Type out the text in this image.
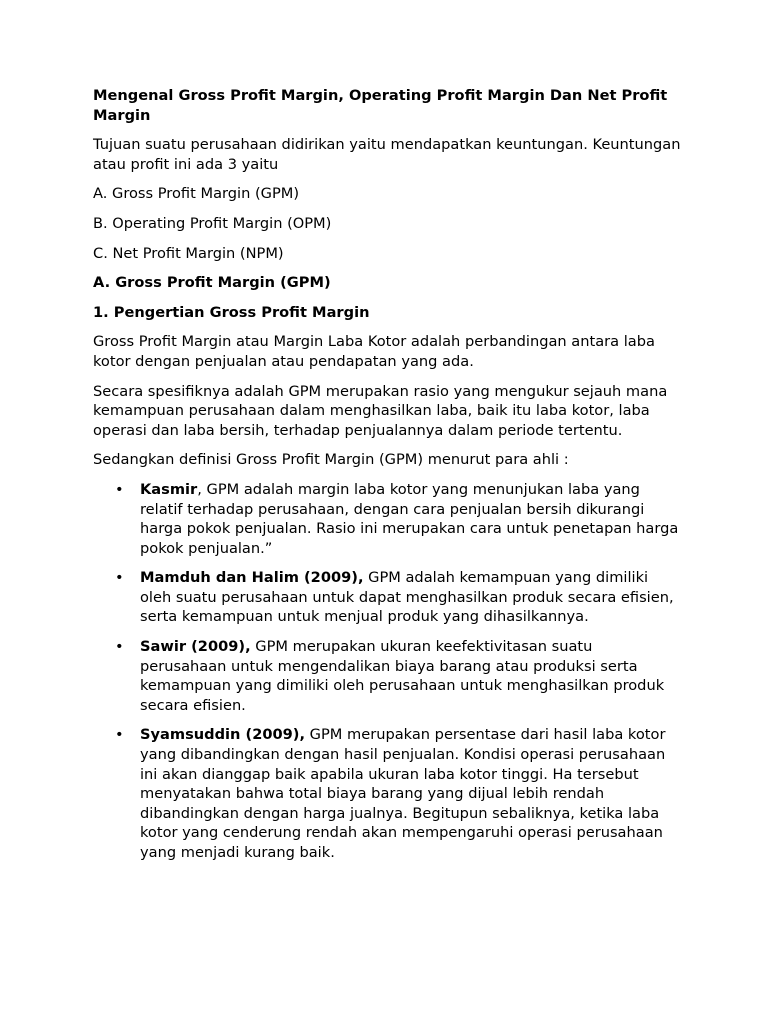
Mengenal Gross Profit Margin, Operating Profit Margin Dan Net Profit Margin

Tujuan suatu perusahaan didirikan yaitu mendapatkan keuntungan. Keuntungan atau profit ini ada 3 yaitu

A. Gross Profit Margin (GPM)

B. Operating Profit Margin (OPM)

C. Net Profit Margin (NPM)

A. Gross Profit Margin (GPM)

1. Pengertian Gross Profit Margin

Gross Profit Margin atau Margin Laba Kotor adalah perbandingan antara laba kotor dengan penjualan atau pendapatan yang ada.

Secara spesifiknya adalah GPM merupakan rasio yang mengukur sejauh mana kemampuan perusahaan dalam menghasilkan laba, baik itu laba kotor, laba operasi dan laba bersih, terhadap penjualannya dalam periode tertentu.

Sedangkan definisi Gross Profit Margin (GPM) menurut para ahli :

• Kasmir, GPM adalah margin laba kotor yang menunjukan laba yang relatif terhadap perusahaan, dengan cara penjualan bersih dikurangi harga pokok penjualan. Rasio ini merupakan cara untuk penetapan harga pokok penjualan.”
• Mamduh dan Halim (2009), GPM adalah kemampuan yang dimiliki oleh suatu perusahaan untuk dapat menghasilkan produk secara efisien, serta kemampuan untuk menjual produk yang dihasilkannya.
• Sawir (2009), GPM merupakan ukuran keefektivitasan suatu perusahaan untuk mengendalikan biaya barang atau produksi serta kemampuan yang dimiliki oleh perusahaan untuk menghasilkan produk secara efisien.
• Syamsuddin (2009), GPM merupakan persentase dari hasil laba kotor yang dibandingkan dengan hasil penjualan. Kondisi operasi perusahaan ini akan dianggap baik apabila ukuran laba kotor tinggi. Ha tersebut menyatakan bahwa total biaya barang yang dijual lebih rendah dibandingkan dengan harga jualnya. Begitupun sebaliknya, ketika laba kotor yang cenderung rendah akan mempengaruhi operasi perusahaan yang menjadi kurang baik.
